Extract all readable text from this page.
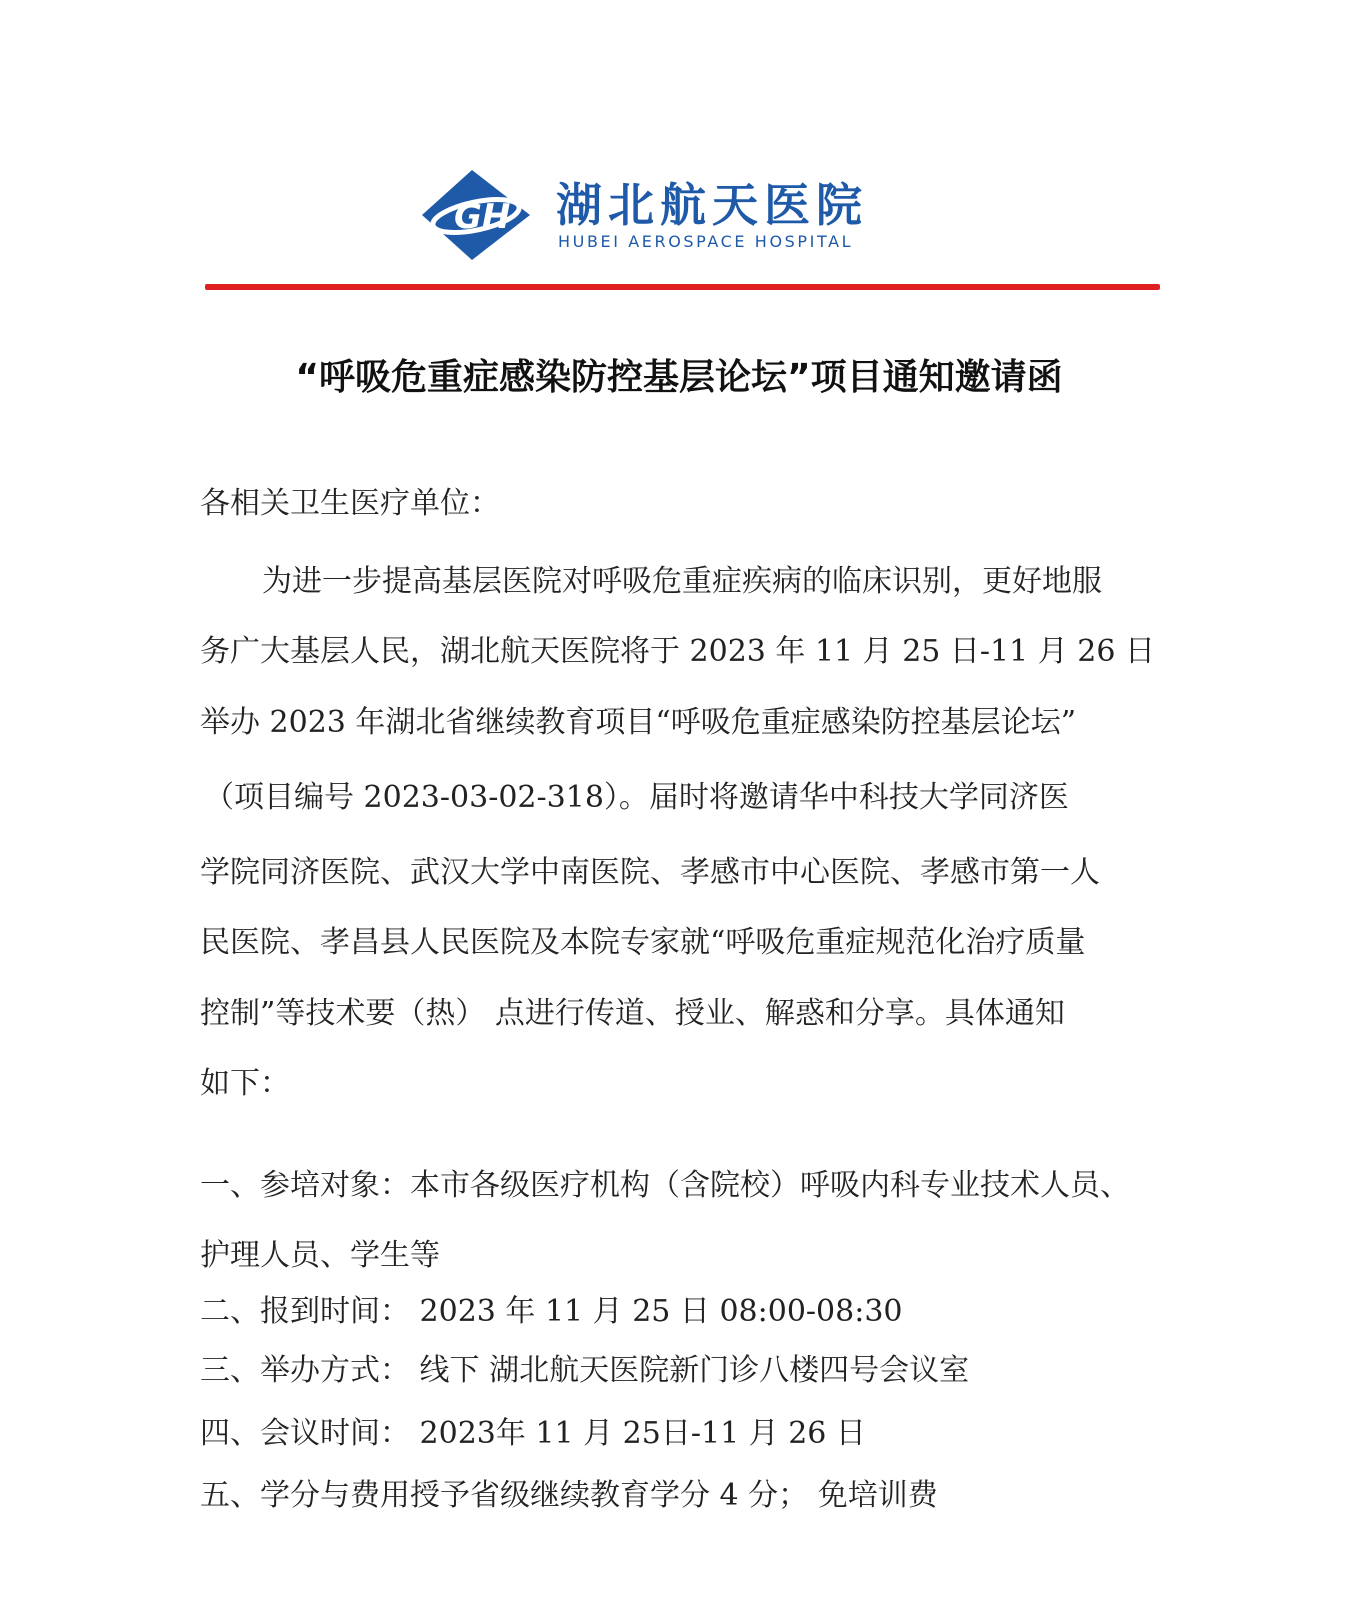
GH 湖北航天医院
HUBEI AEROSPACE HOSPITAL
“呼吸危重症感染防控基层论坛”项目通知邀请函
各相关卫生医疗单位：
为进一步提高基层医院对呼吸危重症疾病的临床识别，更好地服
务广大基层人民，湖北航天医院将于 2023 年 11 月 25 日-11 月 26 日
举办 2023 年湖北省继续教育项目“呼吸危重症感染防控基层论坛”
（项目编号 2023-03-02-318）。届时将邀请华中科技大学同济医
学院同济医院、武汉大学中南医院、孝感市中心医院、孝感市第一人
民医院、孝昌县人民医院及本院专家就“呼吸危重症规范化治疗质量
控制”等技术要（热） 点进行传道、授业、解惑和分享。具体通知
如下：
一、参培对象：本市各级医疗机构（含院校）呼吸内科专业技术人员、
护理人员、学生等
二、报到时间： 2023 年 11 月 25 日 08:00-08:30
三、举办方式： 线下 湖北航天医院新门诊八楼四号会议室
四、会议时间： 2023年 11 月 25日-11 月 26 日
五、学分与费用授予省级继续教育学分 4 分； 免培训费
